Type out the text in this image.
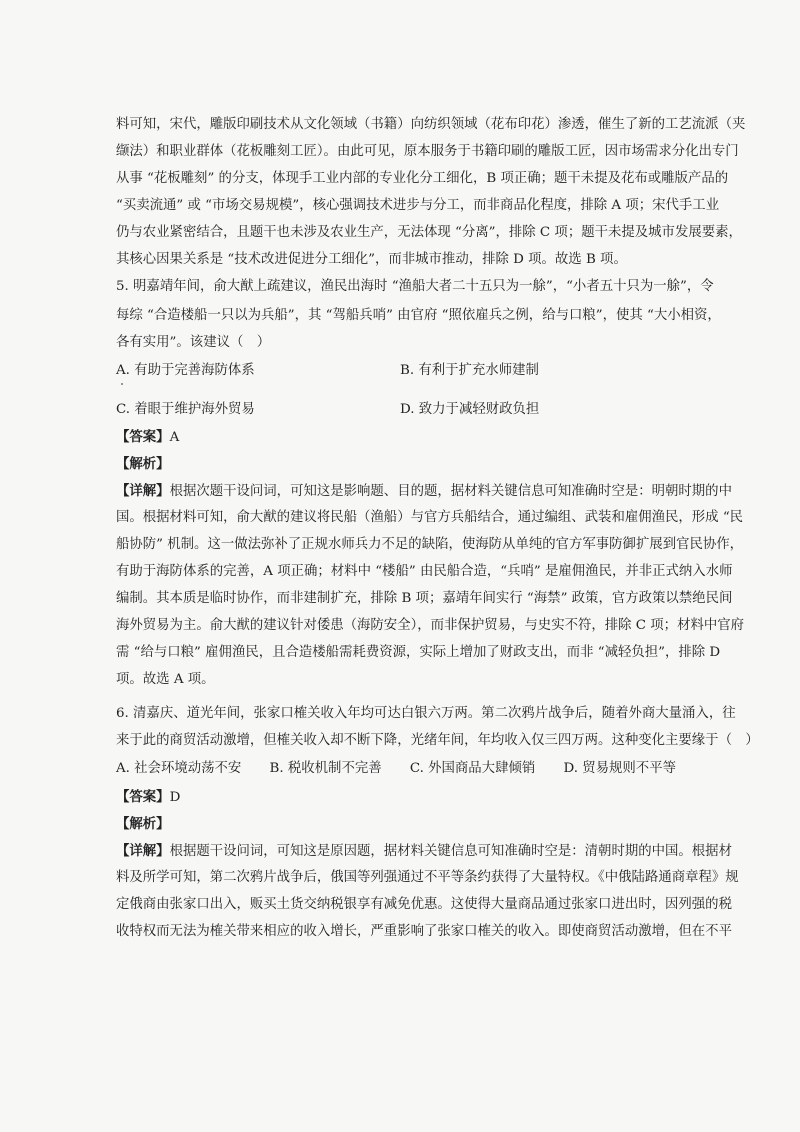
料可知，宋代，雕版印刷技术从文化领域（书籍）向纺织领域（花布印花）渗透，催生了新的工艺流派（夹
缬法）和职业群体（花板雕刻工匠）。由此可见，原本服务于书籍印刷的雕版工匠，因市场需求分化出专门
从事 “花板雕刻” 的分支，体现手工业内部的专业化分工细化，B 项正确；题干未提及花布或雕版产品的
“买卖流通” 或 “市场交易规模”，核心强调技术进步与分工，而非商品化程度，排除 A 项；宋代手工业
仍与农业紧密结合，且题干也未涉及农业生产，无法体现 “分离”，排除 C 项；题干未提及城市发展要素，
其核心因果关系是 “技术改进促进分工细化”，而非城市推动，排除 D 项。故选 B 项。
5. 明嘉靖年间，俞大猷上疏建议，渔民出海时 “渔船大者二十五只为一艅”，“小者五十只为一艅”，令
每综 “合造楼船一只以为兵船”，其 “驾船兵哨” 由官府 “照依雇兵之例，给与口粮”，使其 “大小相资，
各有实用”。该建议（　）
A. 有助于完善海防体系	B. 有利于扩充水师建制
C. 着眼于维护海外贸易	D. 致力于减轻财政负担
【答案】A
【解析】
【详解】根据次题干设问词，可知这是影响题、目的题，据材料关键信息可知准确时空是：明朝时期的中
国。根据材料可知，俞大猷的建议将民船（渔船）与官方兵船结合，通过编组、武装和雇佣渔民，形成 “民
船协防” 机制。这一做法弥补了正规水师兵力不足的缺陷，使海防从单纯的官方军事防御扩展到官民协作，
有助于海防体系的完善，A 项正确；材料中 “楼船” 由民船合造，“兵哨” 是雇佣渔民，并非正式纳入水师
编制。其本质是临时协作，而非建制扩充，排除 B 项；嘉靖年间实行 “海禁” 政策，官方政策以禁绝民间
海外贸易为主。俞大猷的建议针对倭患（海防安全），而非保护贸易，与史实不符，排除 C 项；材料中官府
需 “给与口粮” 雇佣渔民，且合造楼船需耗费资源，实际上增加了财政支出，而非 “减轻负担”，排除 D
项。故选 A 项。
6. 清嘉庆、道光年间，张家口榷关收入年均可达白银六万两。第二次鸦片战争后，随着外商大量涌入，往
来于此的商贸活动激增，但榷关收入却不断下降，光绪年间，年均收入仅三四万两。这种变化主要缘于（　）
A. 社会环境动荡不安 B. 税收机制不完善 C. 外国商品大肆倾销 D. 贸易规则不平等
【答案】D
【解析】
【详解】根据题干设问词，可知这是原因题，据材料关键信息可知准确时空是：清朝时期的中国。根据材
料及所学可知，第二次鸦片战争后，俄国等列强通过不平等条约获得了大量特权。《中俄陆路通商章程》规
定俄商由张家口出入，贩买土货交纳税银享有减免优惠。这使得大量商品通过张家口进出时，因列强的税
收特权而无法为榷关带来相应的收入增长，严重影响了张家口榷关的收入。即使商贸活动激增，但在不平
